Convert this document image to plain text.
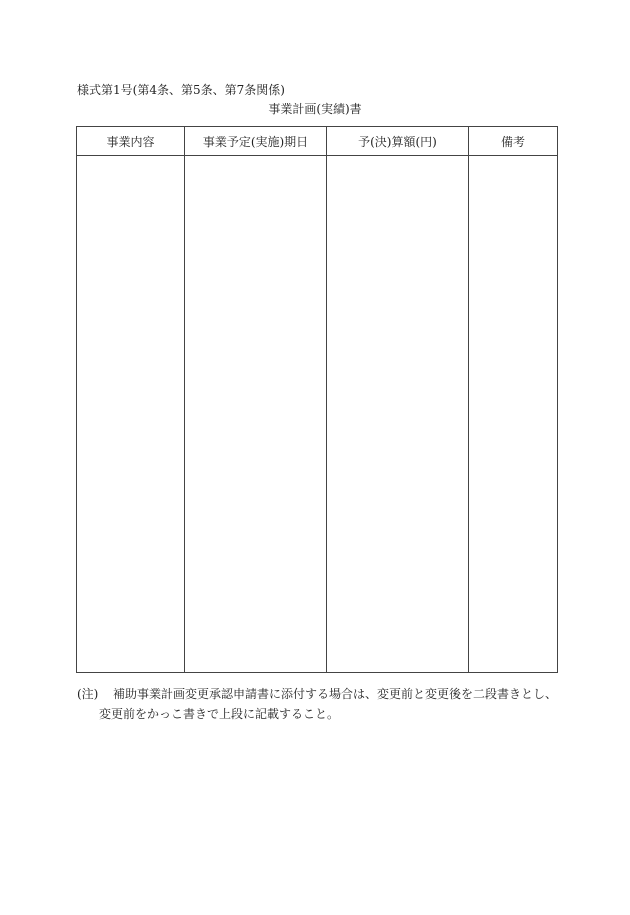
様式第1号(第4条、第5条、第7条関係)
事業計画(実績)書
事業内容	事業予定(実施)期日	予(決)算額(円)	備考

(注) 補助事業計画変更承認申請書に添付する場合は、変更前と変更後を二段書きとし、
変更前をかっこ書きで上段に記載すること。
